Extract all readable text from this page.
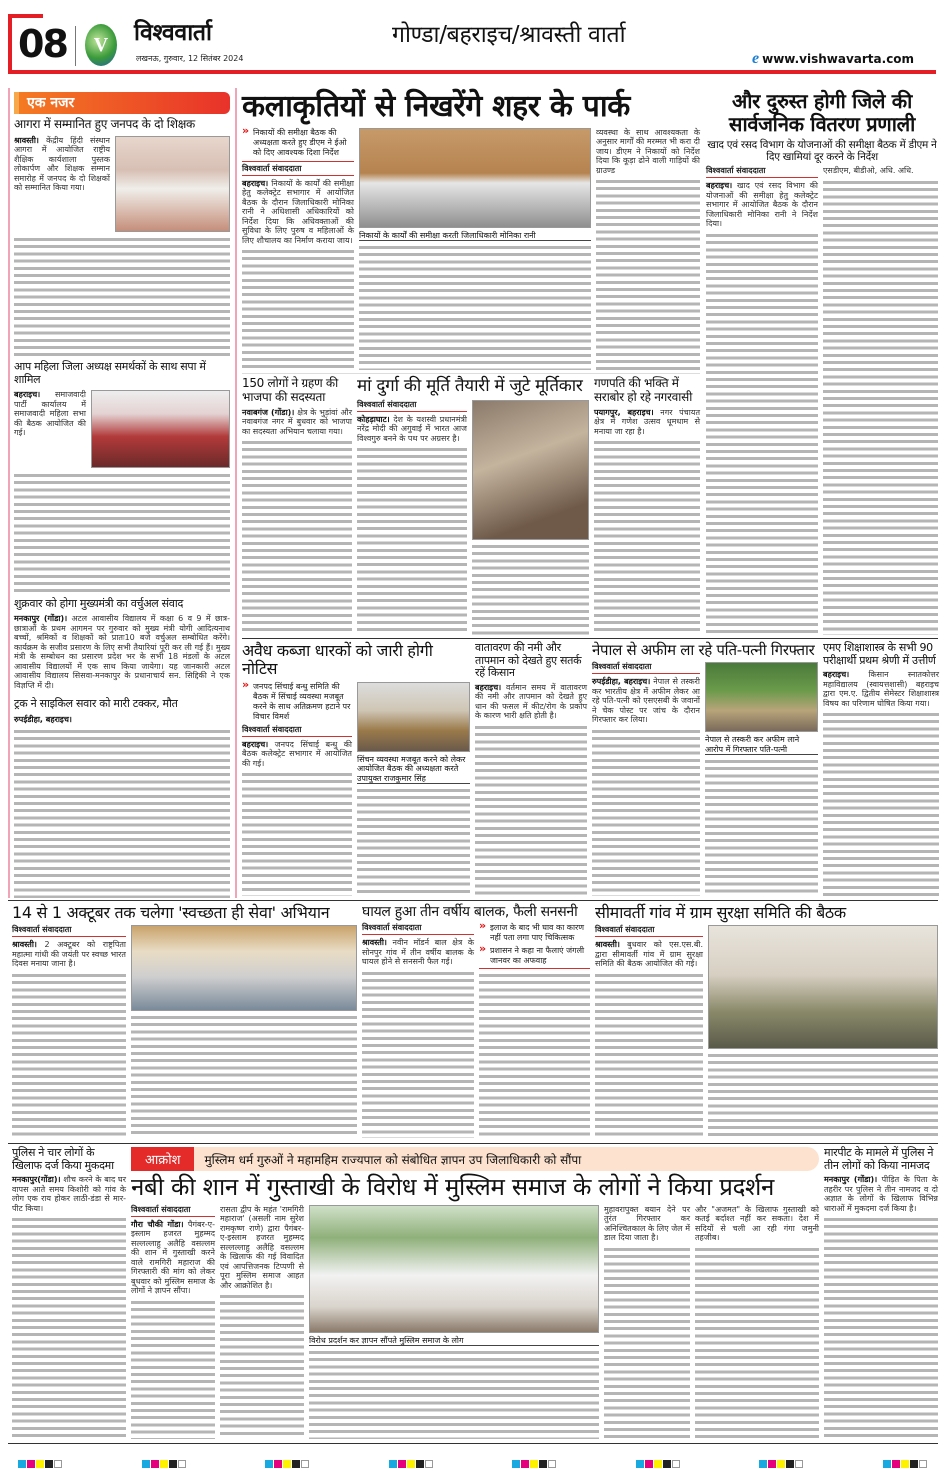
08	V	विश्ववार्ता
लखनऊ, गुरुवार, 12 सितंबर 2024
गोण्डा/बहराइच/श्रावस्ती वार्ता
e www.vishwavarta.com
एक नजर
आगरा में सम्मानित हुए जनपद के दो शिक्षक
श्रावस्ती। केंद्रीय हिंदी संस्थान आगरा में आयोजित राष्ट्रीय शैक्षिक कार्यशाला पुस्तक लोकार्पण और शिक्षक सम्मान समारोह में जनपद के दो शिक्षकों को सम्मानित किया गया।
आप महिला जिला अध्यक्ष समर्थकों के साथ सपा में शामिल
बहराइच। समाजवादी पार्टी कार्यालय में समाजवादी महिला सभा की बैठक आयोजित की गई।
शुक्रवार को होगा मुख्यमंत्री का वर्चुअल संवाद
मनकापुर (गोंडा)। अटल आवासीय विद्यालय में कक्षा 6 व 9 में छात्र-छात्राओं के प्रथम आगमन पर गुरुवार को मुख्य मंत्री योगी आदित्यनाथ बच्चों, श्रमिकों व शिक्षकों को प्रातः10 बजे वर्चुअल सम्बोधित करेंगे। कार्यक्रम के सजीव प्रसारण के लिए सभी तैयारियां पूरी कर ली गई हैं। मुख्य मंत्री के सम्बोधन का प्रसारण प्रदेश भर के सभी 18 मंडलों के अटल आवासीय विद्यालयों में एक साथ किया जायेगा। यह जानकारी अटल आवासीय विद्यालय सिसवा-मनकापुर के प्रधानाचार्य सन. सिद्दिकी ने एक विज्ञप्ति में दी।
ट्रक ने साइकिल सवार को मारी टक्कर, मौत
रुपईडीहा, बहराइच।
कलाकृतियों से निखरेंगे शहर के पार्क
» निकायों की समीक्षा बैठक की अध्यक्षता करते हुए डीएम ने ईओ को दिए आवश्यक दिशा निर्देश
विश्ववार्ता संवाददाता
बहराइच। निकायों के कार्यों की समीक्षा हेतु कलेक्ट्रेट सभागार में आयोजित बैठक के दौरान जिलाधिकारी मोनिका रानी ने अधिशासी अधिकारियों को निर्देश दिया कि अधिवक्ताओं की सुविधा के लिए पुरुष व महिलाओं के लिए शौचालय का निर्माण कराया जाय।
निकायों के कार्यों की समीक्षा करती जिलाधिकारी मोनिका रानी
व्यवस्था के साथ आवश्यकता के अनुसार मार्गों की मरम्मत भी करा दी जाय। डीएम ने निकायों को निर्देश दिया कि कूड़ा ढोने वाली गाड़ियों की ग्राउण्ड
150 लोगों ने ग्रहण की भाजपा की सदस्यता
नवाबगंज (गोंडा)। क्षेत्र के भुड़ांवां और नवाबगंज नगर में बुधवार को भाजपा का सदस्यता अभियान चलाया गया।
मां दुर्गा की मूर्ति तैयारी में जुटे मूर्तिकार
विश्ववार्ता संवाददाता
कोहड़ाघाट। देश के यशस्वी प्रधानमंत्री नरेंद्र मोदी की अगुवाई में भारत आज विश्वगुरु बनने के पथ पर अग्रसर है।
गणपति की भक्ति में सराबोर हो रहे नगरवासी
पयागपुर, बहराइच। नगर पंचायत क्षेत्र में गणेश उत्सव धूमधाम से मनाया जा रहा है।
और दुरुस्त होगी जिले की सार्वजनिक वितरण प्रणाली
खाद एवं रसद विभाग के योजनाओं की समीक्षा बैठक में डीएम ने दिए खामियां दूर करने के निर्देश
विश्ववार्ता संवाददाता
बहराइच। खाद एवं रसद विभाग की योजनाओं की समीक्षा हेतु कलेक्ट्रेट सभागार में आयोजित बैठक के दौरान जिलाधिकारी मोनिका रानी ने निर्देश दिया।
एसडीएम, बीडीओ, अधि. अधि.
अवैध कब्जा धारकों को जारी होगी नोटिस
» जनपद सिंचाई बन्धु समिति की बैठक में सिंचाई व्यवस्था मजबूत करने के साथ अतिक्रमण हटाने पर विचार विमर्श
विश्ववार्ता संवाददाता
बहराइच। जनपद सिंचाई बन्धु की बैठक कलेक्ट्रेट सभागार में आयोजित की गई।	सिंचन व्यवस्था मजबूत करने को लेकर आयोजित बैठक की अध्यक्षता करते उपायुक्त राजकुमार सिंह
वातावरण की नमी और तापमान को देखते हुए सतर्क रहें किसान
बहराइच। वर्तमान समय में वातावरण की नमी और तापमान को देखते हुए धान की फसल में कीट/रोग के प्रकोप के कारण भारी क्षति होती है।
नेपाल से अफीम ला रहे पति-पत्नी गिरफ्तार
विश्ववार्ता संवाददाता
रुपईडीहा, बहराइच। नेपाल से तस्करी कर भारतीय क्षेत्र में अफीम लेकर आ रहे पति-पत्नी को एसएसबी के जवानों ने चेक पोस्ट पर जांच के दौरान गिरफ्तार कर लिया।
नेपाल से तस्करी कर अफीम लाने आरोप में गिरफ्तार पति-पत्नी
एमए शिक्षाशास्त्र के सभी 90 परीक्षार्थी प्रथम श्रेणी में उत्तीर्ण
बहराइच। किसान स्नातकोत्तर महाविद्यालय (स्वायत्तशासी) बहराइच द्वारा एम.ए. द्वितीय सेमेस्टर शिक्षाशास्त्र विषय का परिणाम घोषित किया गया।
14 से 1 अक्टूबर तक चलेगा 'स्वच्छता ही सेवा' अभियान
विश्ववार्ता संवाददाता
श्रावस्ती। 2 अक्टूबर को राष्ट्रपिता महात्मा गांधी की जयंती पर स्वच्छ भारत दिवस मनाया जाना है।
घायल हुआ तीन वर्षीय बालक, फैली सनसनी
विश्ववार्ता संवाददाता
श्रावस्ती। नवीन मॉडर्न बाल क्षेत्र के सोनपुर गांव में तीन वर्षीय बालक के घायल होने से सनसनी फैल गई।
» इलाज के बाद भी घाव का कारण नहीं पता लगा पाए चिकित्सक
» प्रशासन ने कहा ना फैलाएं जंगली जानवर का अफवाह
सीमावर्ती गांव में ग्राम सुरक्षा समिति की बैठक
विश्ववार्ता संवाददाता
श्रावस्ती। बुधवार को एस.एस.बी. द्वारा सीमावर्ती गांव में ग्राम सुरक्षा समिति की बैठक आयोजित की गई।
पुलिस ने चार लोगों के खिलाफ दर्ज किया मुकदमा
मनकापुर(गोंडा)। शौच करने के बाद घर वापस आते समय किशोरी को गांव के लोग एक राय होकर लाठी-डंडा से मार-पीट किया।
आक्रोश	मुस्लिम धर्म गुरुओं ने महामहिम राज्यपाल को संबोधित ज्ञापन उप जिलाधिकारी को सौंपा
नबी की शान में गुस्ताखी के विरोध में मुस्लिम समाज के लोगों ने किया प्रदर्शन
विश्ववार्ता संवाददाता
गौरा चौकी गोंडा। पैगंबर-ए-इस्लाम हजरत मुहम्मद सल्लल्लाहु अलैहि वसल्लम की शान में गुस्ताखी करने वाले रामगिरी महाराज की गिरफ्तारी की मांग को लेकर बुधवार को मुस्लिम समाज के लोगों ने ज्ञापन सौंपा।
रासता द्वीप के महंत 'रामगिरी महाराज' (असली नाम सुरेश रामकृष्ण राणे) द्वारा पैगंबर-ए-इस्लाम हजरत मुहम्मद सल्लल्लाहु अलैहि वसल्लम के खिलाफ की गई विवादित एवं आपत्तिजनक टिप्पणी से पूरा मुस्लिम समाज आहत और आक्रोशित है।
विरोध प्रदर्शन कर ज्ञापन सौंपते मुस्लिम समाज के लोग
मुहावरापुक्त बयान देने पर तुरंत गिरफ्तार कर अनिश्चितकाल के लिए जेल में डाल दिया जाता है।
और "अजमत" के खिलाफ गुस्ताखी को कतई बर्दाश्त नहीं कर सकता। देश में सदियों से चली आ रही गंगा जमुनी तहजीब।
मारपीट के मामले में पुलिस ने तीन लोगों को किया नामजद
मनकापुर (गोंडा)। पीड़ित के पिता के तहरीर पर पुलिस ने तीन नामजद व दो अज्ञात के लोगों के खिलाफ विभिन्न धाराओं में मुकदमा दर्ज किया है।
